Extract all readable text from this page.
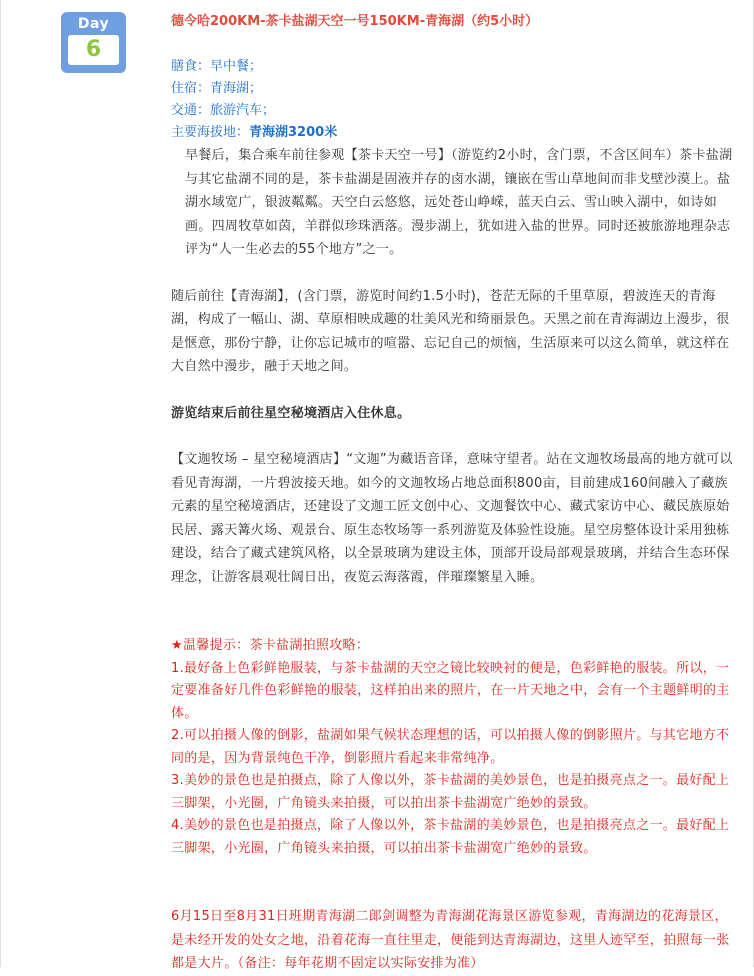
Day
6
德令哈200KM-茶卡盐湖天空一号150KM-青海湖（约5小时）
膳食：早中餐；
住宿：青海湖；
交通：旅游汽车；
主要海拔地：青海湖3200米

早餐后，集合乘车前往参观【茶卡天空一号】（游览约2小时，含门票，不含区间车）茶卡盐湖与其它盐湖不同的是，茶卡盐湖是固液并存的卤水湖，镶嵌在雪山草地间而非戈壁沙漠上。盐湖水域宽广，银波粼粼。天空白云悠悠，远处苍山峥嵘，蓝天白云、雪山映入湖中，如诗如画。四周牧草如茵，羊群似珍珠洒落。漫步湖上，犹如进入盐的世界。同时还被旅游地理杂志评为“人一生必去的55个地方”之一。

随后前往【青海湖】，(含门票，游览时间约1.5小时)，苍茫无际的千里草原，碧波连天的青海湖，构成了一幅山、湖、草原相映成趣的壮美风光和绮丽景色。天黑之前在青海湖边上漫步，很是惬意，那份宁静，让你忘记城市的喧嚣、忘记自己的烦恼，生活原来可以这么简单，就这样在大自然中漫步，融于天地之间。

游览结束后前往星空秘境酒店入住休息。

【文迦牧场 – 星空秘境酒店】“文迦”为藏语音译，意味守望者。站在文迦牧场最高的地方就可以看见青海湖，一片碧波接天地。如今的文迦牧场占地总面积800亩，目前建成160间融入了藏族元素的星空秘境酒店，还建设了文迦工匠文创中心、文迦餐饮中心、藏式家访中心、藏民族原始民居、露天篝火场、观景台、原生态牧场等一系列游览及体验性设施。星空房整体设计采用独栋建设，结合了藏式建筑风格，以全景玻璃为建设主体，顶部开设局部观景玻璃，并结合生态环保理念，让游客晨观壮阔日出，夜览云海落霞，伴璀璨繁星入睡。

★温馨提示：茶卡盐湖拍照攻略：

1.最好备上色彩鲜艳服装，与茶卡盐湖的天空之镜比较映衬的便是，色彩鲜艳的服装。所以，一定要准备好几件色彩鲜艳的服装，这样拍出来的照片，在一片天地之中，会有一个主题鲜明的主体。

2.可以拍摄人像的倒影，盐湖如果气候状态理想的话，可以拍摄人像的倒影照片。与其它地方不同的是，因为背景纯色干净，倒影照片看起来非常纯净。

3.美妙的景色也是拍摄点，除了人像以外，茶卡盐湖的美妙景色，也是拍摄亮点之一。最好配上三脚架，小光圈，广角镜头来拍摄，可以拍出茶卡盐湖宽广绝妙的景致。

4.美妙的景色也是拍摄点，除了人像以外，茶卡盐湖的美妙景色，也是拍摄亮点之一。最好配上三脚架，小光圈，广角镜头来拍摄，可以拍出茶卡盐湖宽广绝妙的景致。

6月15日至8月31日班期青海湖二郎剑调整为青海湖花海景区游览参观，青海湖边的花海景区，是未经开发的处女之地，沿着花海一直往里走，便能到达青海湖边，这里人迹罕至，拍照每一张都是大片。（备注：每年花期不固定以实际安排为准）
